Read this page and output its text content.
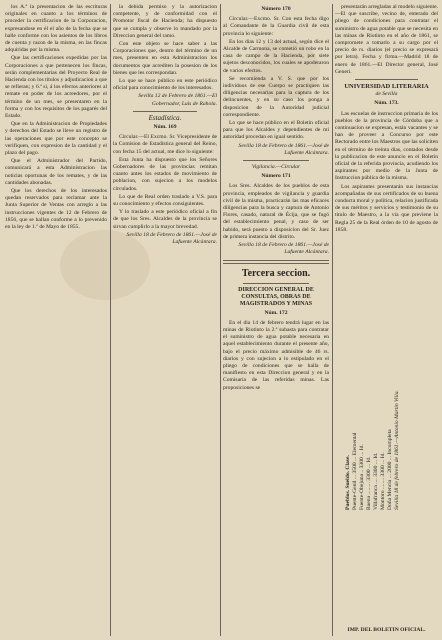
los A.ª la presentacion de las escrituras originales en cuanto a los términos de proceder la certificacion de la Corporacion, expresandose en él el año de la fecha que se halle conforme con los asientos de los libros de cuenta y razon de la misma, en las fincas adquiridas por la misma.

Que las certificaciones expedidas por las Corporaciones a que pertenecen los fincas, serán complementarias del Proyecto Real de Hacienda con los títulos y adjudicacion a que se refieran; y 6.ª si, á los efectos anteriores al remate en poder de los acreedores, por el término de un mes, se presentaren en la forma y con los requisitos de los pagarés del Estado.

Que en la Administracion de Propiedades y derechos del Estado se lleve un registro de las operaciones que por este concepto se verifiquen, con expresion de la cantidad y el plazo del pago.

Que el Administrador del Partido, comunicará a esta Administracion las noticias oportunas de los remates, y de las cantidades abonadas.

Que los derechos de los interesados quedan reservados para reclamar ante la Junta Superior de Ventas con arreglo a las instrucciones vigentes de 12 de Febrero de 1856, que se hallan conforme a lo prevenido en la ley de 1.º de Mayo de 1855.

la debida permiso y la autorizacion competente, y de conformidad con el Promotor fiscal de Hacienda; ha dispuesto que se cumpla y observe lo mandado por la Direccion general del ramo.

Con este objeto se hace saber a las Corporaciones que, dentro del término de un mes, presenten en esta Administracion los documentos que acrediten la posesion de los bienes que les correspondan.

Lo que se hace público en este periódico oficial para conocimiento de los interesados.

Sevilla 12 de Febrero de 1861.—El Gobernador, Luis de Rahola.

Estadística.

Núm. 169

Circular.—El Excmo. Sr. Vicepresidente de la Comision de Estadística general del Reino, con fecha 15 del actual, me dice lo siguiente:

Esta Junta ha dispuesto que los Señores Gobernadores de las provincias remitan cuanto antes los estados de movimiento de poblacion, con sujecion a los modelos circulados.

Lo que de Real orden traslado a V.S. para su conocimiento y efectos consiguientes.

Y lo traslado a este periódico oficial a fin de que los Sres. Alcaldes de la provincia se sirvan cumplirlo a la mayor brevedad.

Sevilla 18 de Febrero de 1861.—José de Lafuente Alcántara.

Número 170

Circular.—Excmo. Sr. Con esta fecha digo al Comandante de la Guardia civil de esta provincia lo siguiente:

En los dias 12 y 13 del actual, según dice el Alcalde de Carmona, se cometió un robo en la casa de campo de la Hacienda, por siete sujetos desconocidos, los cuales se apoderaron de varios efectos.

Se recomienda a V. S. que por los individuos de ese Cuerpo se practiquen las diligencias necesarias para la captura de los delincuentes, y en su caso los ponga a disposicion de la Autoridad judicial correspondiente.

Lo que se hace público en el Boletin oficial para que los Alcaldes y dependientes de mi autoridad procedan en igual sentido.

Sevilla 18 de Febrero de 1861.—José de Lafuente Alcántara.

Vigilancia.—Circular

Número 171

Los Sres. Alcaldes de los pueblos de esta provincia, empleados de vigilancia y guardia civil de la misma, practicarán las mas eficaces diligencias para la busca y captura de Antonio Flores, casado, natural de Écija, que se fugó del establecimiento penal, y caso de ser habido, será puesto a disposicion del Sr. Juez de primera instancia del distrito.

Sevilla 18 de Febrero de 1861.—José de Lafuente Alcántara.

Tercera seccion.

DIRECCION GENERAL DE CONSULTAS, OBRAS DE MAGISTRADOS Y MINAS

Núm. 172

En el dia 14 de febrero tendrá lugar en las minas de Riotinto la 2.ª subasta para contratar el suministro de agua potable necesaria en aquel establecimiento durante el presente año, bajo el precio máximo admisible de 46 rs. diarios y con sujecion a lo estipulado en el pliego de condiciones que se halla de manifiesto en esta Direccion general y en la Comisaría de las referidas minas. Las proposiciones se

presentarán arregladas al modelo siguiente.—El que suscribe, vecino de, enterado del pliego de condiciones para contratar el suministro de agua potable que se necesita en las minas de Riotinto en el año de 1861, se compromete a tomarlo a su cargo por el precio de rs. diarios (el precio se expresará por letra). Fecha y firma.—Madrid 18 de enero de 1861.—El Director general, José Generi.

UNIVERSIDAD LITERARIA

de Sevilla

Núm. 173.

Las escuelas de instruccion primaria de los pueblos de la provincia de Córdoba que a continuacion se expresan, están vacantes y se han de proveer a Concurso por este Rectorado entre los Maestros que las soliciten en el término de treinta dias, contados desde la publicacion de este anuncio en el Boletin oficial de la referida provincia, acudiendo los aspirantes por medio de la Junta de Instruccion pública de la misma.

Los aspirantes presentarán sus instancias acompañadas de sus certificados de su buena conducta moral y política, relacion justificada de sus méritos y servicios y testimonio de su título de Maestro, a la via que previene la Regla 25 de la Real órden de 10 de agosto de 1858.

Pueblos. Sueldo. Clase. Puente-Genil ... 3500 ... Elemental Fuente-Obejuna .. 3300 ... Id. Baena ......... 3300 ... Id. Villafranca .... 3300 ... Id. Montoro ........ 3300 ... Id. Doña Mencía ... 2000 ... Incompleta Sevilla 18 de febrero de 1861.—Antonio Martin Villa.
IMP. DEL BOLETIN OFICIAL.
